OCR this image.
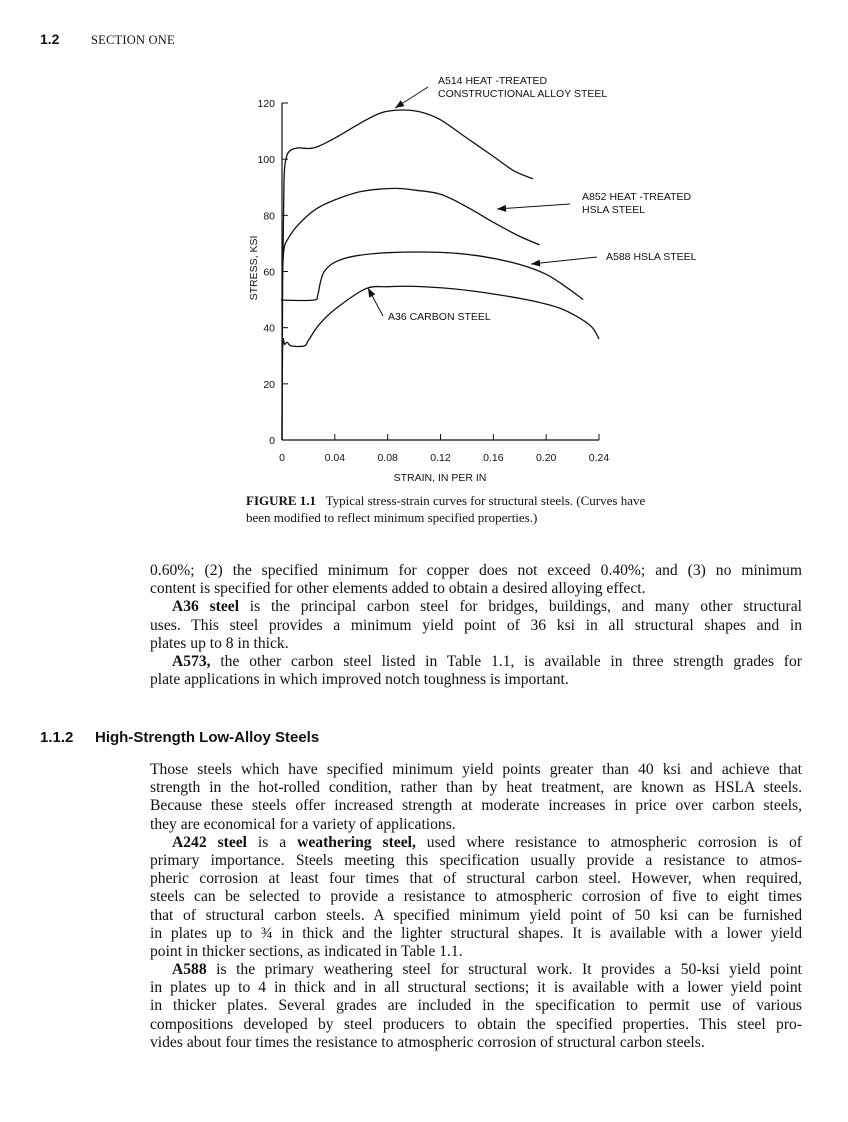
1.2	SECTION ONE
0
20
40
60
80
100
120
0	0.04	0.08	0.12	0.16	0.20	0.24
STRAIN, IN PER IN
STRESS, KSI
A514 HEAT -TREATED
CONSTRUCTIONAL ALLOY STEEL
A852 HEAT -TREATED
HSLA STEEL
A588 HSLA STEEL
A36 CARBON STEEL
FIGURE 1.1 Typical stress-strain curves for structural steels. (Curves have
been modified to reflect minimum specified properties.)
0.60%; (2) the specified minimum for copper does not exceed 0.40%; and (3) no minimum
content is specified for other elements added to obtain a desired alloying effect.
A36 steel is the principal carbon steel for bridges, buildings, and many other structural
uses. This steel provides a minimum yield point of 36 ksi in all structural shapes and in
plates up to 8 in thick.
A573, the other carbon steel listed in Table 1.1, is available in three strength grades for
plate applications in which improved notch toughness is important.
1.1.2 High-Strength Low-Alloy Steels
Those steels which have specified minimum yield points greater than 40 ksi and achieve that
strength in the hot-rolled condition, rather than by heat treatment, are known as HSLA steels.
Because these steels offer increased strength at moderate increases in price over carbon steels,
they are economical for a variety of applications.
A242 steel is a weathering steel, used where resistance to atmospheric corrosion is of
primary importance. Steels meeting this specification usually provide a resistance to atmos-
pheric corrosion at least four times that of structural carbon steel. However, when required,
steels can be selected to provide a resistance to atmospheric corrosion of five to eight times
that of structural carbon steels. A specified minimum yield point of 50 ksi can be furnished
in plates up to ¾ in thick and the lighter structural shapes. It is available with a lower yield
point in thicker sections, as indicated in Table 1.1.
A588 is the primary weathering steel for structural work. It provides a 50-ksi yield point
in plates up to 4 in thick and in all structural sections; it is available with a lower yield point
in thicker plates. Several grades are included in the specification to permit use of various
compositions developed by steel producers to obtain the specified properties. This steel pro-
vides about four times the resistance to atmospheric corrosion of structural carbon steels.
